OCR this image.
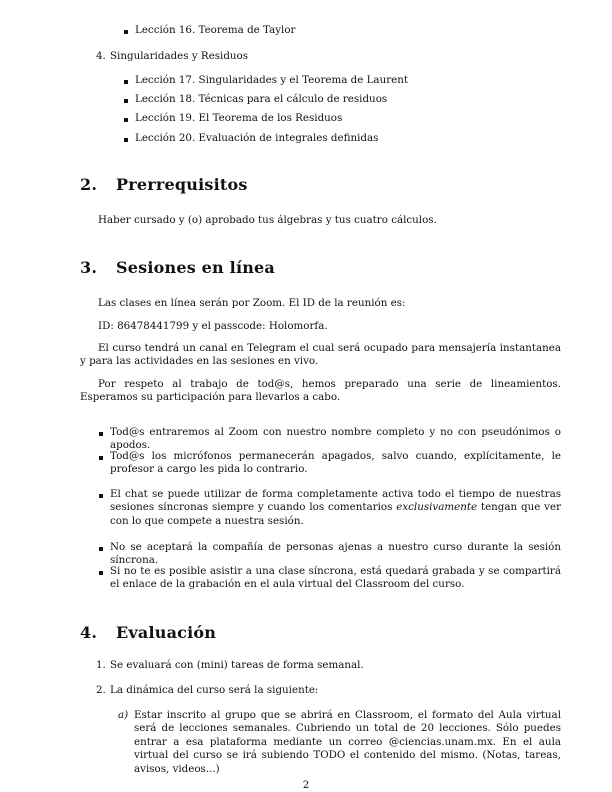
Lección 16. Teorema de Taylor
4. Singularidades y Residuos
Lección 17. Singularidades y el Teorema de Laurent
Lección 18. Técnicas para el cálculo de residuos
Lección 19. El Teorema de los Residuos
Lección 20. Evaluación de integrales definidas
2. Prerrequisitos
Haber cursado y (o) aprobado tus álgebras y tus cuatro cálculos.
3. Sesiones en línea
Las clases en línea serán por Zoom. El ID de la reunión es:
ID: 86478441799 y el passcode: Holomorfa.
El curso tendrá un canal en Telegram el cual será ocupado para mensajería instantanea y para las actividades en las sesiones en vivo.
Por respeto al trabajo de tod@s, hemos preparado una serie de lineamientos. Esperamos su participación para llevarlos a cabo.
Tod@s entraremos al Zoom con nuestro nombre completo y no con pseudónimos o apodos.
Tod@s los micrófonos permanecerán apagados, salvo cuando, explícitamente, le profesor a cargo les pida lo contrario.
El chat se puede utilizar de forma completamente activa todo el tiempo de nuestras sesiones síncronas siempre y cuando los comentarios exclusivamente tengan que ver con lo que compete a nuestra sesión.
No se aceptará la compañía de personas ajenas a nuestro curso durante la sesión síncrona.
Si no te es posible asistir a una clase síncrona, está quedará grabada y se compartirá el enlace de la grabación en el aula virtual del Classroom del curso.
4. Evaluación
1. Se evaluará con (mini) tareas de forma semanal.
2. La dinámica del curso será la siguiente:
a) Estar inscrito al grupo que se abrirá en Classroom, el formato del Aula virtual será de lecciones semanales. Cubriendo un total de 20 lecciones. Sólo puedes entrar a esa plataforma mediante un correo @ciencias.unam.mx. En el aula virtual del curso se irá subiendo TODO el contenido del mismo. (Notas, tareas, avisos, videos...)
2
